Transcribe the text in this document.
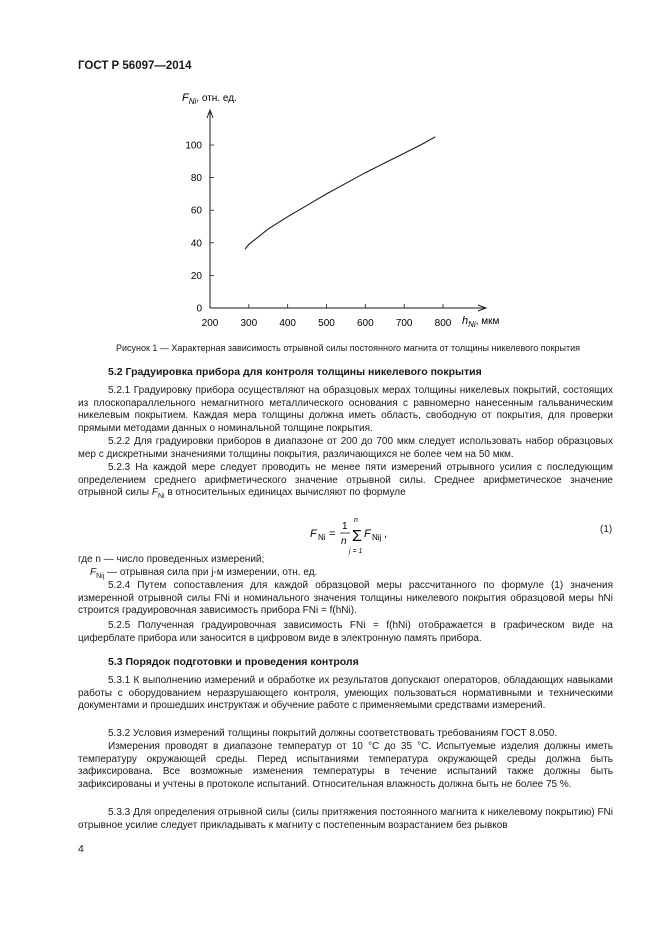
ГОСТ Р 56097—2014
200 300 400 500 600 700 800
0
20
40
60
80
100
$F_{Ni}$, отн. ед.
$h_{Ni}$, мкм
Рисунок 1 — Характерная зависимость отрывной силы постоянного магнита от толщины никелевого покрытия
5.2 Градуировка прибора для контроля толщины никелевого покрытия
5.2.1 Градуировку прибора осуществляют на образцовых мерах толщины никелевых покрытий, состоящих из плоскопараллельного немагнитного металлического основания с равномерно нанесенным гальваническим никелевым покрытием. Каждая мера толщины должна иметь область, свободную от покрытия, для проверки прямыми методами данных о номинальной толщине покрытия.
5.2.2 Для градуировки приборов в диапазоне от 200 до 700 мкм следует использовать набор образцовых мер с дискретными значениями толщины покрытия, различающихся не более чем на 50 мкм.
5.2.3 На каждой мере следует проводить не менее пяти измерений отрывного усилия с последующим определением среднего арифметического значение отрывной силы. Среднее арифметическое значение отрывной силы $F_{Ni}$ в относительных единицах вычисляют по формуле
F Ni =
1
n
n
Σ
j = 1
F Nij ,	(1)
где n — число проведенных измерений;
$F_{Nij}$ — отрывная сила при j-м измерении, отн. ед.
5.2.4 Путем сопоставления для каждой образцовой меры рассчитанного по формуле (1) значения измеренной отрывной силы FNi и номинального значения толщины никелевого покрытия образцовой меры hNi строится градуировочная зависимость прибора FNi = f(hNi).
5.2.5 Полученная градуировочная зависимость FNi = f(hNi) отображается в графическом виде на циферблате прибора или заносится в цифровом виде в электронную память прибора.
5.3 Порядок подготовки и проведения контроля
5.3.1 К выполнению измерений и обработке их результатов допускают операторов, обладающих навыками работы с оборудованием неразрушающего контроля, умеющих пользоваться нормативными и техническими документами и прошедших инструктаж и обучение работе с применяемыми средствами измерений.
5.3.2 Условия измерений толщины покрытий должны соответствовать требованиям ГОСТ 8.050.
Измерения проводят в диапазоне температур от 10 °С до 35 °С. Испытуемые изделия должны иметь температуру окружающей среды. Перед испытаниями температура окружающей среды должна быть зафиксирована. Все возможные изменения температуры в течение испытаний также должны быть зафиксированы и учтены в протоколе испытаний. Относительная влажность должна быть не более 75 %.
5.3.3 Для определения отрывной силы (силы притяжения постоянного магнита к никелевому покрытию) FNi отрывное усилие следует прикладывать к магниту с постепенным возрастанием без рывков
4
